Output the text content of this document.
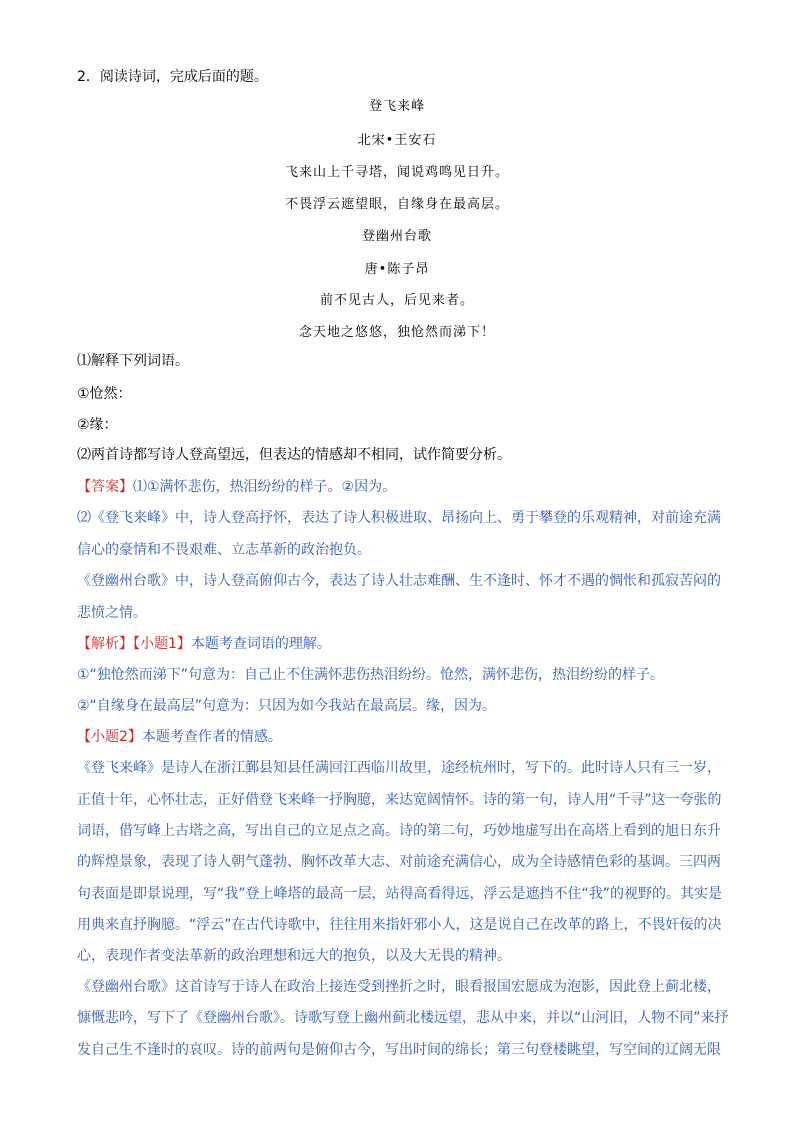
2．阅读诗词，完成后面的题。
登飞来峰
北宋•王安石
飞来山上千寻塔，闻说鸡鸣见日升。
不畏浮云遮望眼，自缘身在最高层。
登幽州台歌
唐•陈子昂
前不见古人，后见来者。
念天地之悠悠，独怆然而涕下！
⑴解释下列词语。
①怆然：
②缘：
⑵两首诗都写诗人登高望远，但表达的情感却不相同，试作简要分析。
【答案】⑴①满怀悲伤，热泪纷纷的样子。②因为。
⑵《登飞来峰》中，诗人登高抒怀，表达了诗人积极进取、昂扬向上、勇于攀登的乐观精神，对前途充满
信心的豪情和不畏艰难、立志革新的政治抱负。
《登幽州台歌》中，诗人登高俯仰古今，表达了诗人壮志难酬、生不逢时、怀才不遇的惆怅和孤寂苦闷的
悲愤之情。
【解析】【小题1】本题考查词语的理解。
①“独怆然而涕下”句意为：自己止不住满怀悲伤热泪纷纷。怆然，满怀悲伤，热泪纷纷的样子。
②“自缘身在最高层”句意为：只因为如今我站在最高层。缘，因为。
【小题2】本题考查作者的情感。
《登飞来峰》是诗人在浙江鄞县知县任满回江西临川故里，途经杭州时，写下的。此时诗人只有三一岁，
正值十年，心怀壮志，正好借登飞来峰一抒胸臆，来达宽阔情怀。诗的第一句，诗人用“千寻”这一夸张的
词语，借写峰上古塔之高，写出自己的立足点之高。诗的第二句，巧妙地虚写出在高塔上看到的旭日东升
的辉煌景象，表现了诗人朝气蓬勃、胸怀改革大志、对前途充满信心，成为全诗感情色彩的基调。三四两
句表面是即景说理，写“我”登上峰塔的最高一层，站得高看得远，浮云是遮挡不住“我”的视野的。其实是
用典来直抒胸臆。“浮云”在古代诗歌中，往往用来指奸邪小人，这是说自己在改革的路上，不畏奸佞的决
心，表现作者变法革新的政治理想和远大的抱负，以及大无畏的精神。
《登幽州台歌》这首诗写于诗人在政治上接连受到挫折之时，眼看报国宏愿成为泡影，因此登上蓟北楼，
慷慨悲吟，写下了《登幽州台歌》。诗歌写登上幽州蓟北楼远望，悲从中来，并以“山河旧，人物不同”来抒
发自己生不逢时的哀叹。诗的前两句是俯仰古今，写出时间的绵长；第三句登楼眺望，写空间的辽阔无限
